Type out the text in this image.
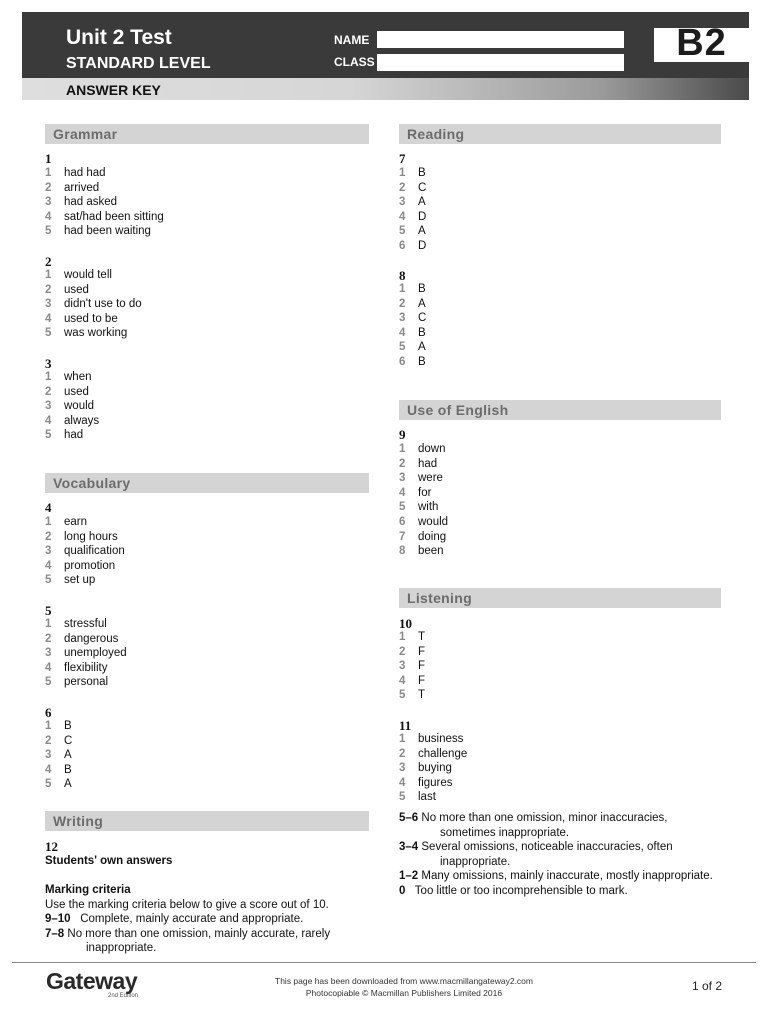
Unit 2 Test
STANDARD LEVEL
ANSWER KEY
NAME
CLASS	B2
Grammar
1
1 had had
2 arrived
3 had asked
4 sat/had been sitting
5 had been waiting
2
1 would tell
2 used
3 didn't use to do
4 used to be
5 was working
3
1 when
2 used
3 would
4 always
5 had
Vocabulary
4
1 earn
2 long hours
3 qualification
4 promotion
5 set up
5
1 stressful
2 dangerous
3 unemployed
4 flexibility
5 personal
6
1 B
2 C
3 A
4 B
5 A
Writing
12
Students' own answers
Marking criteria
Use the marking criteria below to give a score out of 10.
9–10 Complete, mainly accurate and appropriate.
7–8 No more than one omission, mainly accurate, rarely
inappropriate.
Reading
7
1 B
2 C
3 A
4 D
5 A
6 D
8
1 B
2 A
3 C
4 B
5 A
6 B
Use of English
9
1 down
2 had
3 were
4 for
5 with
6 would
7 doing
8 been
Listening
10
1 T
2 F
3 F
4 F
5 T
11
1 business
2 challenge
3 buying
4 figures
5 last
5–6 No more than one omission, minor inaccuracies,
sometimes inappropriate.
3–4 Several omissions, noticeable inaccuracies, often
inappropriate.
1–2 Many omissions, mainly inaccurate, mostly inappropriate.
0 Too little or too incomprehensible to mark.
Gateway
2nd Edition
This page has been downloaded from www.macmillangateway2.com
Photocopiable © Macmillan Publishers Limited 2016	1 of 2
